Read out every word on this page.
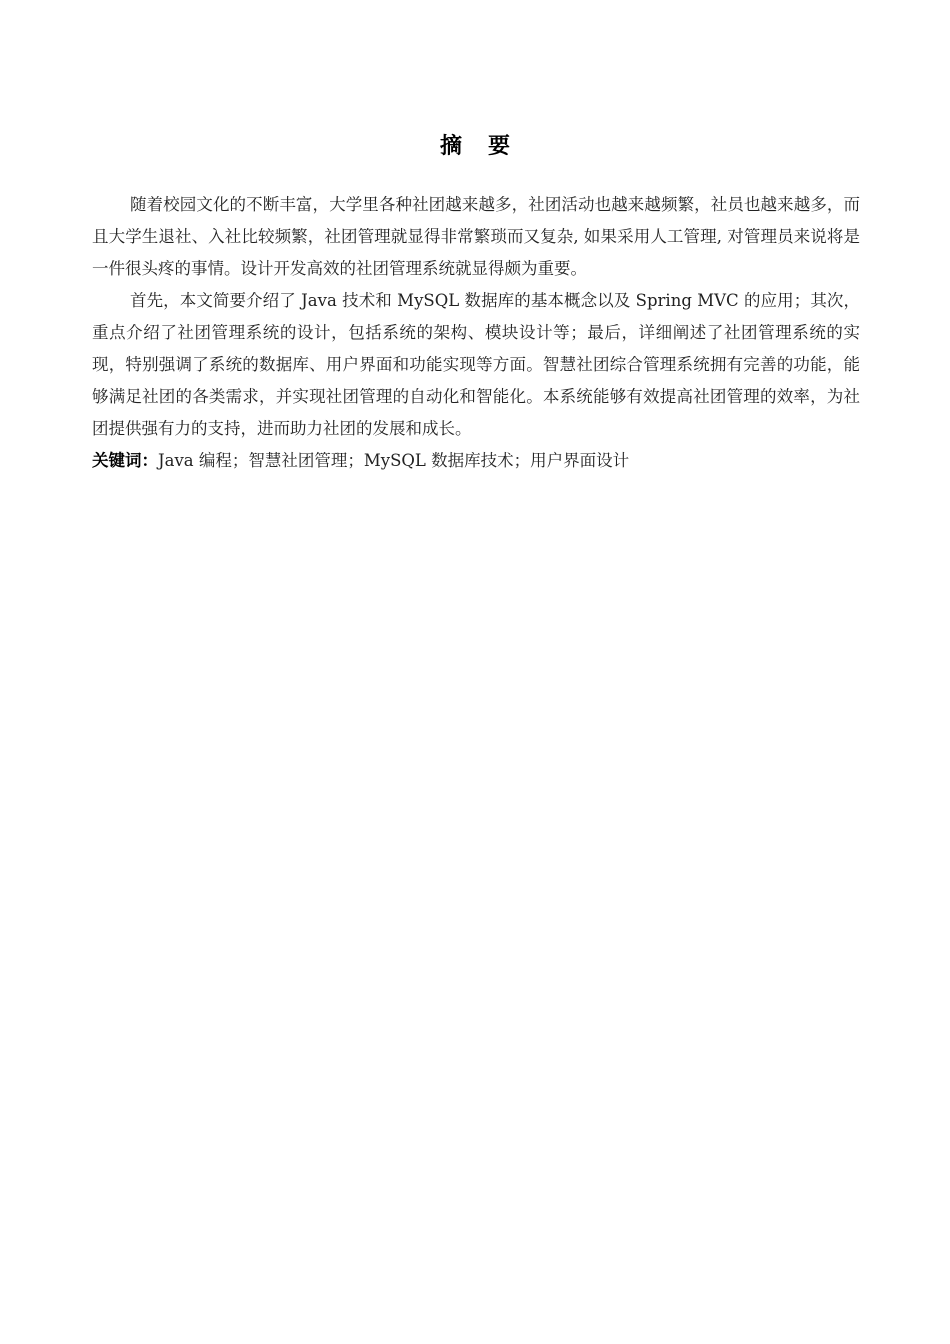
摘要

随着校园文化的不断丰富，大学里各种社团越来越多，社团活动也越来越频繁，社员也越来越多，而且大学生退社、入社比较频繁，社团管理就显得非常繁琐而又复杂, 如果采用人工管理, 对管理员来说将是一件很头疼的事情。设计开发高效的社团管理系统就显得颇为重要。

首先，本文简要介绍了 Java 技术和 MySQL 数据库的基本概念以及 Spring MVC 的应用；其次，重点介绍了社团管理系统的设计，包括系统的架构、模块设计等；最后，详细阐述了社团管理系统的实现，特别强调了系统的数据库、用户界面和功能实现等方面。智慧社团综合管理系统拥有完善的功能，能够满足社团的各类需求，并实现社团管理的自动化和智能化。本系统能够有效提高社团管理的效率，为社团提供强有力的支持，进而助力社团的发展和成长。

关键词：Java 编程；智慧社团管理；MySQL 数据库技术；用户界面设计
